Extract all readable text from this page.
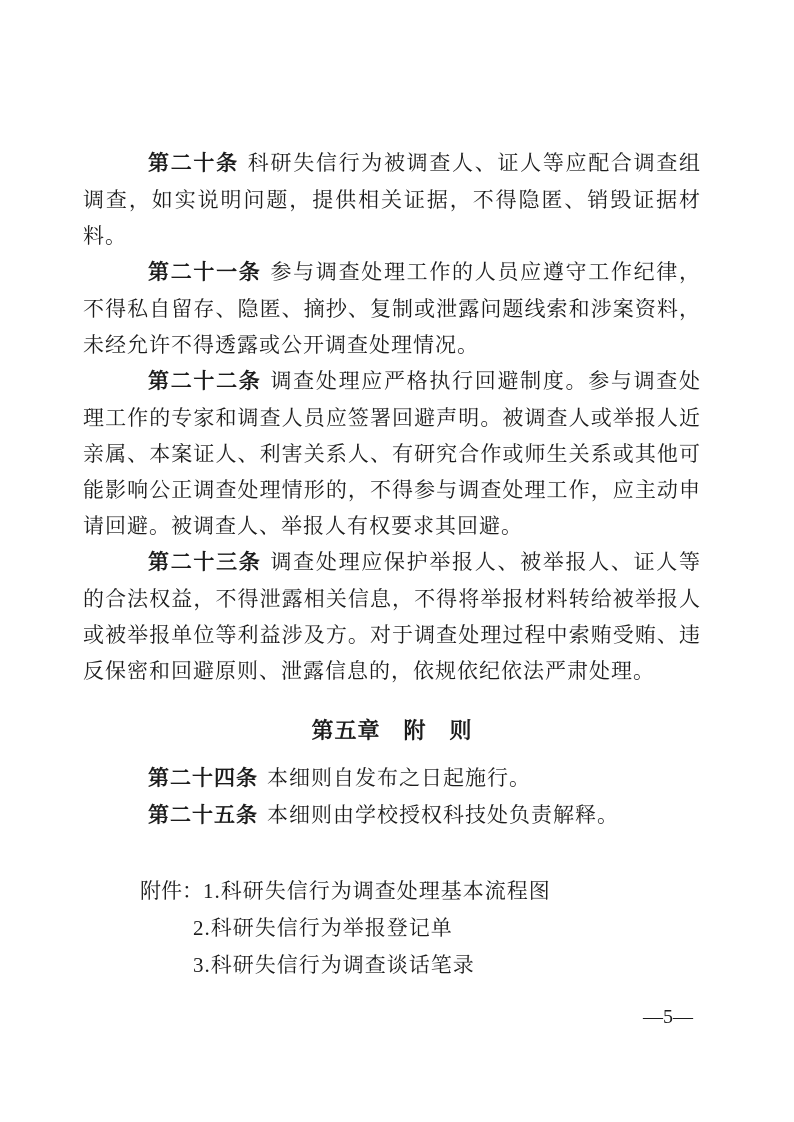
第二十条 科研失信行为被调查人、证人等应配合调查组调查，如实说明问题，提供相关证据，不得隐匿、销毁证据材料。

第二十一条 参与调查处理工作的人员应遵守工作纪律，不得私自留存、隐匿、摘抄、复制或泄露问题线索和涉案资料，未经允许不得透露或公开调查处理情况。

第二十二条 调查处理应严格执行回避制度。参与调查处理工作的专家和调查人员应签署回避声明。被调查人或举报人近亲属、本案证人、利害关系人、有研究合作或师生关系或其他可能影响公正调查处理情形的，不得参与调查处理工作，应主动申请回避。被调查人、举报人有权要求其回避。

第二十三条 调查处理应保护举报人、被举报人、证人等的合法权益，不得泄露相关信息，不得将举报材料转给被举报人或被举报单位等利益涉及方。对于调查处理过程中索贿受贿、违反保密和回避原则、泄露信息的，依规依纪依法严肃处理。

第五章　附　则

第二十四条 本细则自发布之日起施行。

第二十五条 本细则由学校授权科技处负责解释。

附件：1.科研失信行为调查处理基本流程图

2.科研失信行为举报登记单

3.科研失信行为调查谈话笔录

—5—
